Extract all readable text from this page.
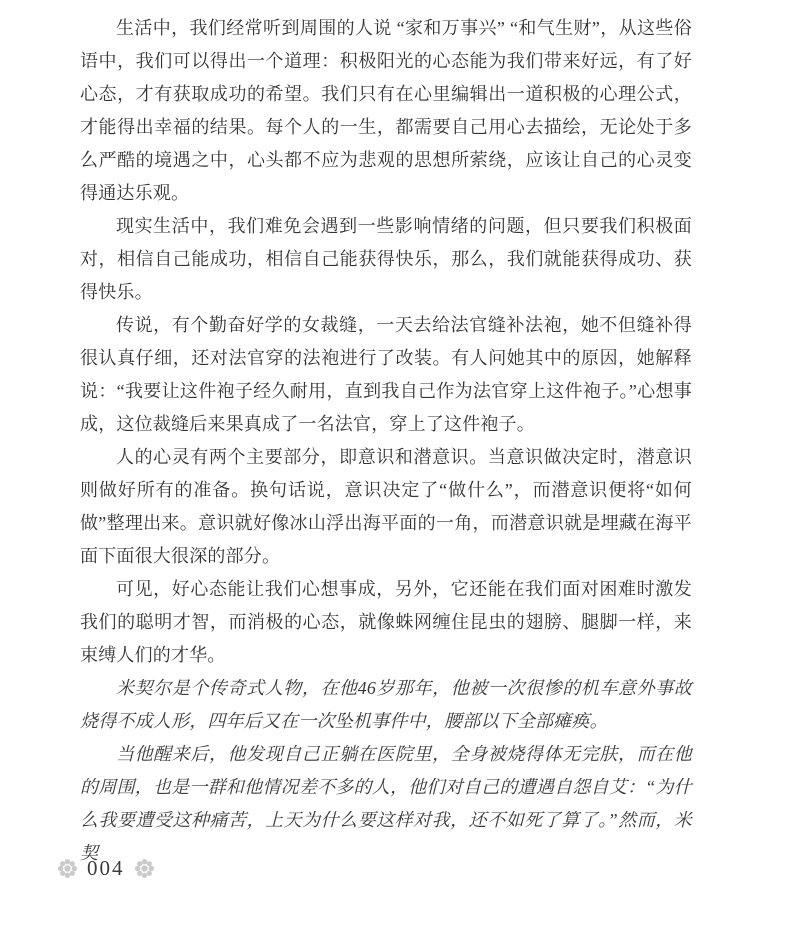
生活中，我们经常听到周围的人说 “家和万事兴” “和气生财”，从这些俗语中，我们可以得出一个道理：积极阳光的心态能为我们带来好远，有了好心态，才有获取成功的希望。我们只有在心里编辑出一道积极的心理公式，才能得出幸福的结果。每个人的一生，都需要自己用心去描绘，无论处于多么严酷的境遇之中，心头都不应为悲观的思想所萦绕，应该让自己的心灵变得通达乐观。

现实生活中，我们难免会遇到一些影响情绪的问题，但只要我们积极面对，相信自己能成功，相信自己能获得快乐，那么，我们就能获得成功、获得快乐。

传说，有个勤奋好学的女裁缝，一天去给法官缝补法袍，她不但缝补得很认真仔细，还对法官穿的法袍进行了改装。有人问她其中的原因，她解释说：“我要让这件袍子经久耐用，直到我自己作为法官穿上这件袍子。”心想事成，这位裁缝后来果真成了一名法官，穿上了这件袍子。

人的心灵有两个主要部分，即意识和潜意识。当意识做决定时，潜意识则做好所有的准备。换句话说，意识决定了“做什么”，而潜意识便将“如何做”整理出来。意识就好像冰山浮出海平面的一角，而潜意识就是埋藏在海平面下面很大很深的部分。

可见，好心态能让我们心想事成，另外，它还能在我们面对困难时激发我们的聪明才智，而消极的心态，就像蛛网缠住昆虫的翅膀、腿脚一样，来束缚人们的才华。

米契尔是个传奇式人物，在他46岁那年，他被一次很惨的机车意外事故烧得不成人形，四年后又在一次坠机事件中，腰部以下全部瘫痪。

当他醒来后，他发现自己正躺在医院里，全身被烧得体无完肤，而在他的周围，也是一群和他情况差不多的人，他们对自己的遭遇自怨自艾：“为什么我要遭受这种痛苦，上天为什么要这样对我，还不如死了算了。”然而，米契

004
